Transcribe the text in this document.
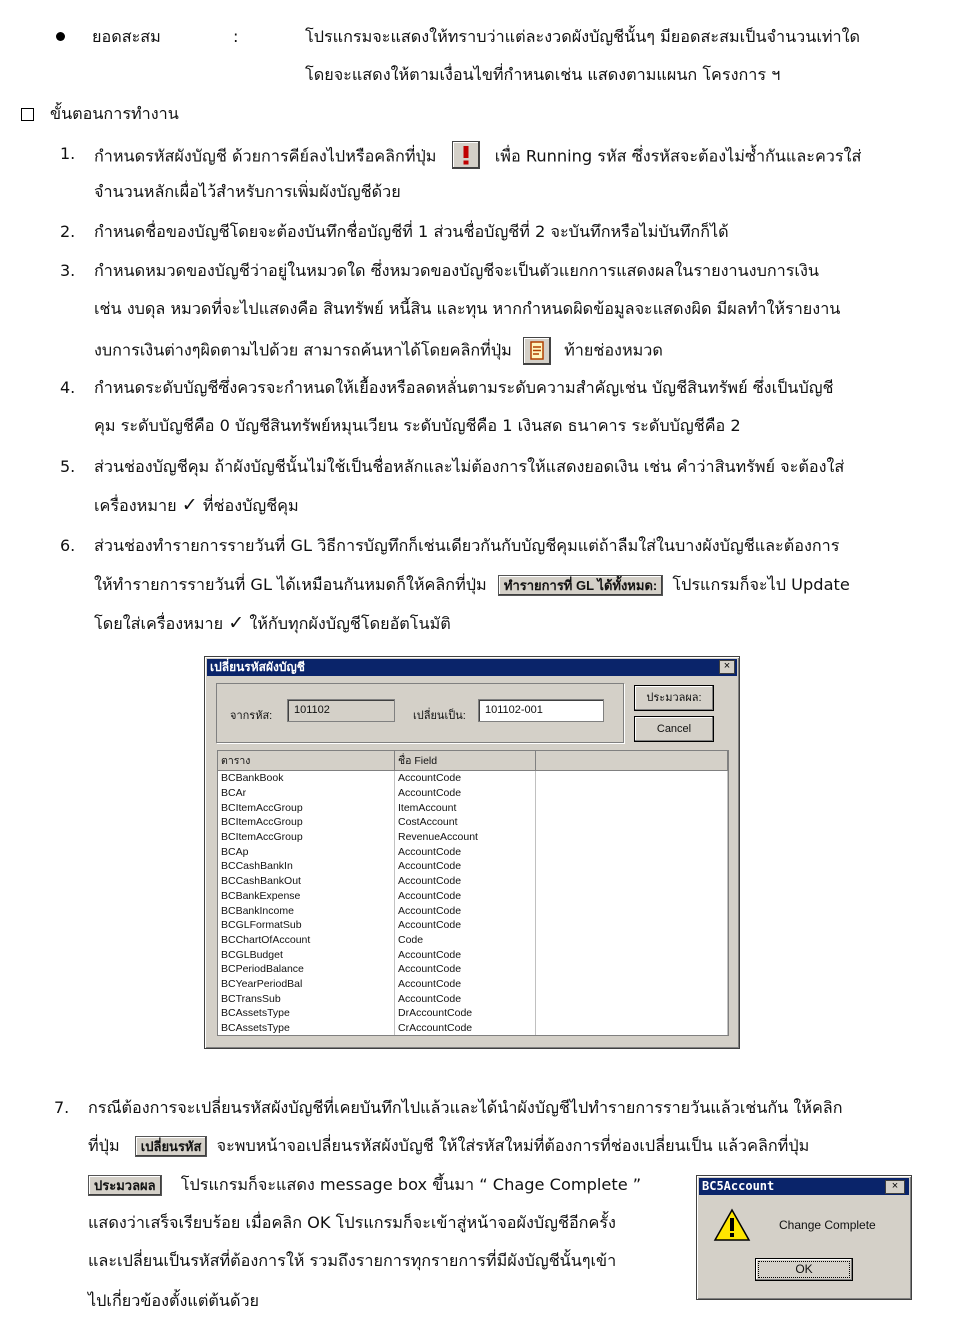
ยอดสะสม	:	โปรแกรมจะแสดงให้ทราบว่าแต่ละงวดผังบัญชีนั้นๆ มียอดสะสมเป็นจำนวนเท่าใด
โดยจะแสดงให้ตามเงื่อนไขที่กำหนดเช่น แสดงตามแผนก โครงการ ฯ
ขั้นตอนการทำงาน
1. กำหนดรหัสผังบัญชี ด้วยการคีย์ลงไปหรือคลิกที่ปุ่ม	เพื่อ Running รหัส ซึ่งรหัสจะต้องไม่ซ้ำกันและควรใส่
จำนวนหลักเผื่อไว้สำหรับการเพิ่มผังบัญชีด้วย
2. กำหนดชื่อของบัญชีโดยจะต้องบันทึกชื่อบัญชีที่ 1 ส่วนชื่อบัญชีที่ 2 จะบันทึกหรือไม่บันทึกก็ได้
3. กำหนดหมวดของบัญชีว่าอยู่ในหมวดใด ซึ่งหมวดของบัญชีจะเป็นตัวแยกการแสดงผลในรายงานงบการเงิน
เช่น งบดุล หมวดที่จะไปแสดงคือ สินทรัพย์ หนี้สิน และทุน หากกำหนดผิดข้อมูลจะแสดงผิด มีผลทำให้รายงาน
งบการเงินต่างๆผิดตามไปด้วย สามารถค้นหาได้โดยคลิกที่ปุ่ม	ท้ายช่องหมวด
4. กำหนดระดับบัญชีซึ่งควรจะกำหนดให้เยื้องหรือลดหลั่นตามระดับความสำคัญเช่น บัญชีสินทรัพย์ ซึ่งเป็นบัญชี
คุม ระดับบัญชีคือ 0 บัญชีสินทรัพย์หมุนเวียน ระดับบัญชีคือ 1 เงินสด ธนาคาร ระดับบัญชีคือ 2
5. ส่วนช่องบัญชีคุม ถ้าผังบัญชีนั้นไม่ใช้เป็นชื่อหลักและไม่ต้องการให้แสดงยอดเงิน เช่น คำว่าสินทรัพย์ จะต้องใส่
เครื่องหมาย ✓ ที่ช่องบัญชีคุม
6. ส่วนช่องทำรายการรายวันที่ GL วิธีการบัญทึกก็เช่นเดียวกันกับบัญชีคุมแต่ถ้าลืมใส่ในบางผังบัญชีและต้องการ
ให้ทำรายการรายวันที่ GL ได้เหมือนกันหมดก็ให้คลิกที่ปุ่ม ทำรายการที่ GL ได้ทั้งหมด: โปรแกรมก็จะไป Update
โดยใส่เครื่องหมาย ✓ ให้กับทุกผังบัญชีโดยอัตโนมัติ
เปลี่ยนรหัสผังบัญชี	×
จากรหัส:	101102	เปลี่ยนเป็น:	101102-001
ประมวลผล:
Cancel
ตาราง	ชื่อ Field	
BCBankBook	AccountCode	
BCAr	AccountCode	
BCItemAccGroup	ItemAccount	
BCItemAccGroup	CostAccount	
BCItemAccGroup	RevenueAccount	
BCAp	AccountCode	
BCCashBankIn	AccountCode	
BCCashBankOut	AccountCode	
BCBankExpense	AccountCode	
BCBankIncome	AccountCode	
BCGLFormatSub	AccountCode	
BCChartOfAccount	Code	
BCGLBudget	AccountCode	
BCPeriodBalance	AccountCode	
BCYearPeriodBal	AccountCode	
BCTransSub	AccountCode	
BCAssetsType	DrAccountCode	
BCAssetsType	CrAccountCode	
7. กรณีต้องการจะเปลี่ยนรหัสผังบัญชีที่เคยบันทึกไปแล้วและได้นำผังบัญชีไปทำรายการรายวันแล้วเช่นกัน ให้คลิก
ที่ปุ่ม เปลี่ยนรหัส จะพบหน้าจอเปลี่ยนรหัสผังบัญชี ให้ใส่รหัสใหม่ที่ต้องการที่ช่องเปลี่ยนเป็น แล้วคลิกที่ปุ่ม
ประมวลผล โปรแกรมก็จะแสดง message box ขึ้นมา “ Chage Complete ”
แสดงว่าเสร็จเรียบร้อย เมื่อคลิก OK โปรแกรมก็จะเข้าสู่หน้าจอผังบัญชีอีกครั้ง
และเปลี่ยนเป็นรหัสที่ต้องการให้ รวมถึงรายการทุกรายการที่มีผังบัญชีนั้นๆเข้า
ไปเกี่ยวข้องตั้งแต่ต้นด้วย
BC5Account	×
Change Complete
OK
